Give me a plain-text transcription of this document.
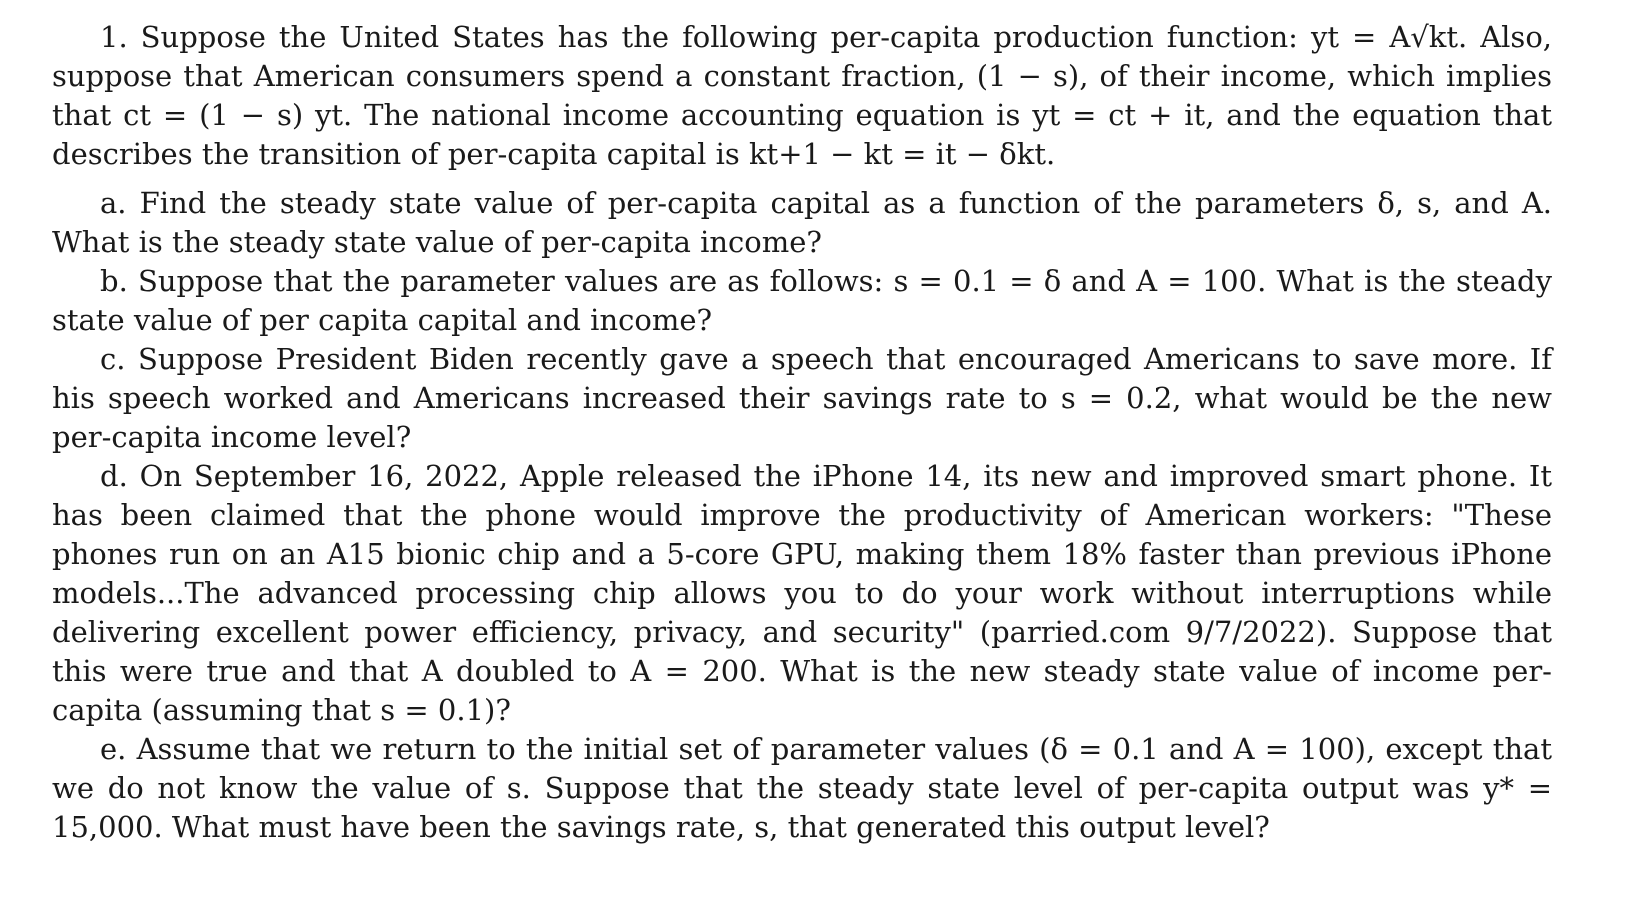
1. Suppose the United States has the following per-capita production function: yt = A√kt. Also, suppose that American consumers spend a constant fraction, (1 − s), of their income, which implies that ct = (1 − s) yt. The national income accounting equation is yt = ct + it, and the equation that describes the transition of per-capita capital is kt+1 − kt = it − δkt.

a. Find the steady state value of per-capita capital as a function of the parameters δ, s, and A. What is the steady state value of per-capita income?

b. Suppose that the parameter values are as follows: s = 0.1 = δ and A = 100. What is the steady state value of per capita capital and income?

c. Suppose President Biden recently gave a speech that encouraged Americans to save more. If his speech worked and Americans increased their savings rate to s = 0.2, what would be the new per-capita income level?

d. On September 16, 2022, Apple released the iPhone 14, its new and improved smart phone. It has been claimed that the phone would improve the productivity of American workers: "These phones run on an A15 bionic chip and a 5-core GPU, making them 18% faster than previous iPhone models...The advanced processing chip allows you to do your work without interruptions while delivering excellent power efficiency, privacy, and security" (parried.com 9/7/2022). Suppose that this were true and that A doubled to A = 200. What is the new steady state value of income per-capita (assuming that s = 0.1)?

e. Assume that we return to the initial set of parameter values (δ = 0.1 and A = 100), except that we do not know the value of s. Suppose that the steady state level of per-capita output was y* = 15,000. What must have been the savings rate, s, that generated this output level?
